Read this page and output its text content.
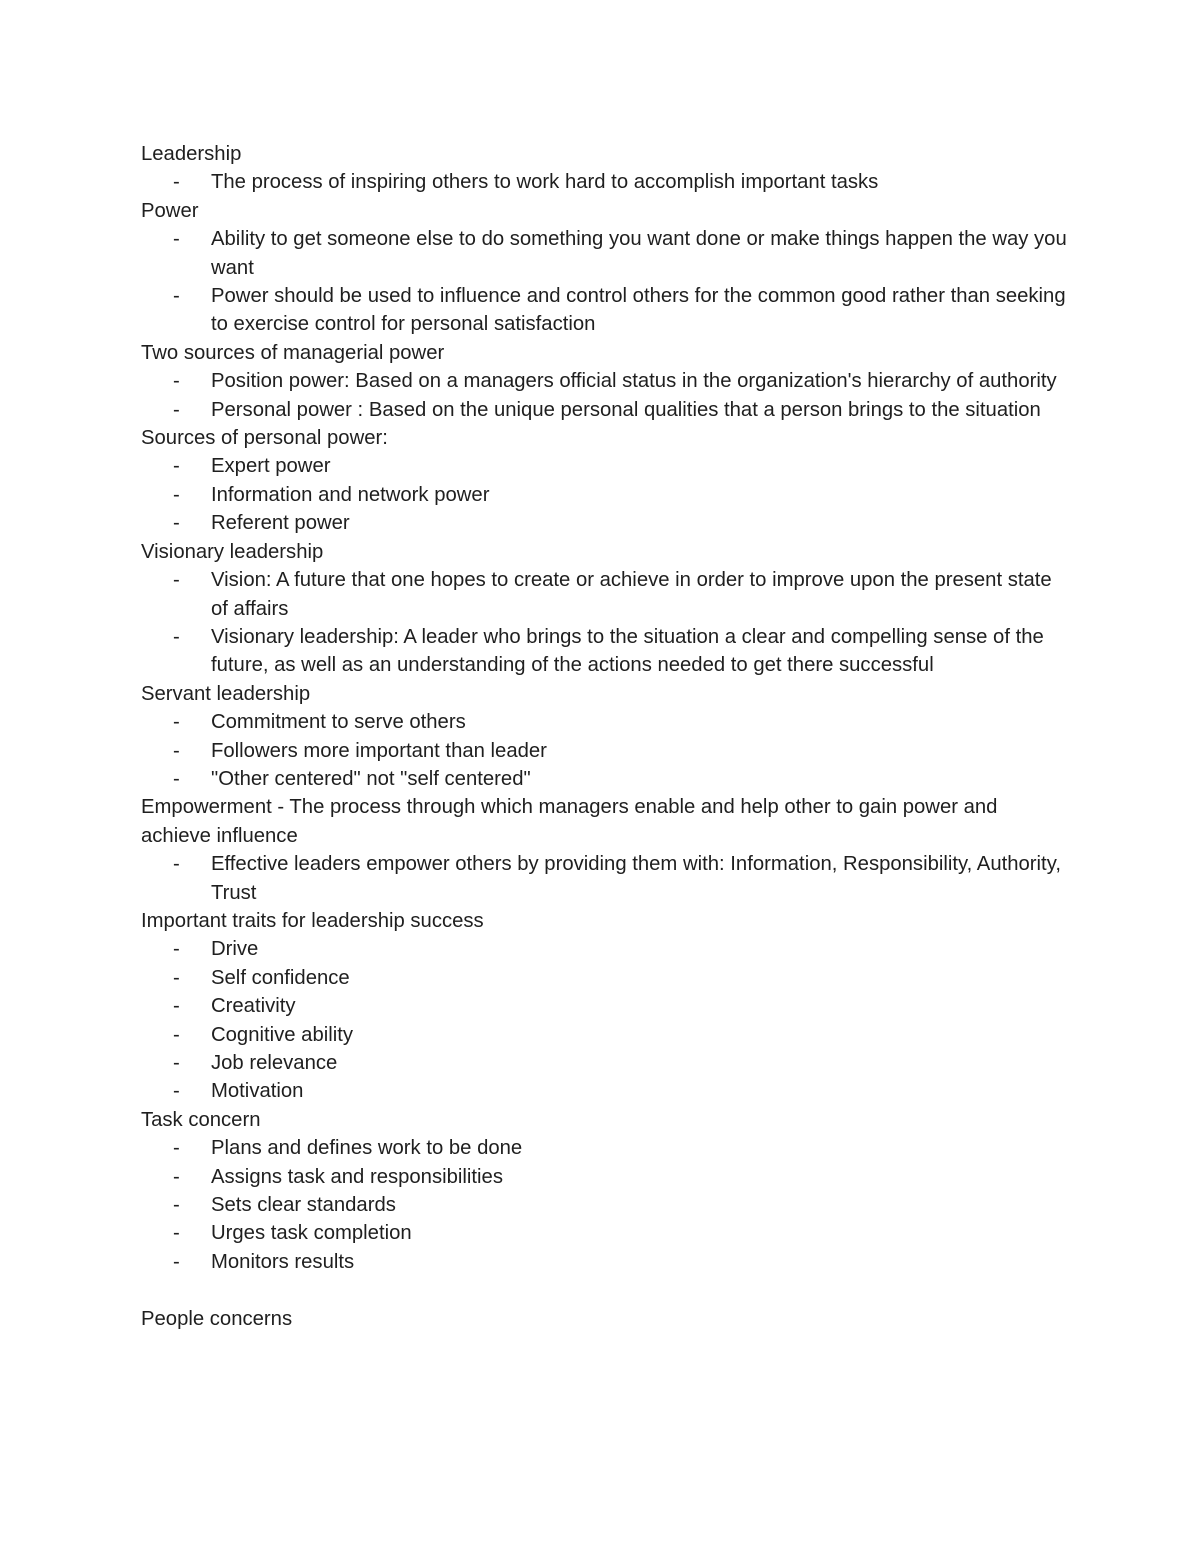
Leadership

- The process of inspiring others to work hard to accomplish important tasks

Power

- Ability to get someone else to do something you want done or make things happen the way you want
- Power should be used to influence and control others for the common good rather than seeking to exercise control for personal satisfaction

Two sources of managerial power

- Position power: Based on a managers official status in the organization's hierarchy of authority
- Personal power : Based on the unique personal qualities that a person brings to the situation

Sources of personal power:

- Expert power
- Information and network power
- Referent power

Visionary leadership

- Vision: A future that one hopes to create or achieve in order to improve upon the present state of affairs
- Visionary leadership: A leader who brings to the situation a clear and compelling sense of the future, as well as an understanding of the actions needed to get there successful

Servant leadership

- Commitment to serve others
- Followers more important than leader
- "Other centered" not "self centered"

Empowerment - The process through which managers enable and help other to gain power and achieve influence

- Effective leaders empower others by providing them with: Information, Responsibility, Authority, Trust

Important traits for leadership success

- Drive
- Self confidence
- Creativity
- Cognitive ability
- Job relevance
- Motivation

Task concern

- Plans and defines work to be done
- Assigns task and responsibilities
- Sets clear standards
- Urges task completion
- Monitors results

People concerns
